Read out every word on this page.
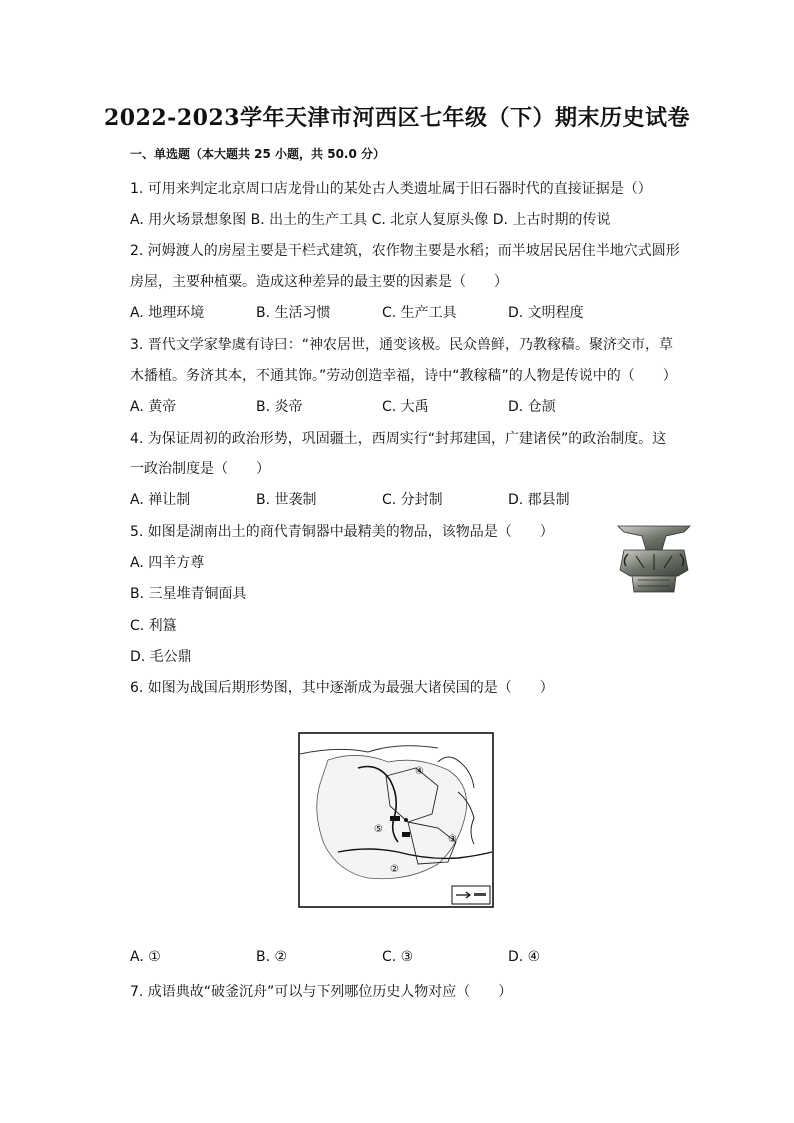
2022-2023学年天津市河西区七年级（下）期末历史试卷
一、单选题（本大题共 25 小题，共 50.0 分）
1. 可用来判定北京周口店龙骨山的某处古人类遗址属于旧石器时代的直接证据是（）
A. 用火场景想象图 B. 出土的生产工具 C. 北京人复原头像 D. 上古时期的传说
2. 河姆渡人的房屋主要是干栏式建筑，农作物主要是水稻；而半坡居民居住半地穴式圆形
房屋，主要种植粟。造成这种差异的最主要的因素是（　　）
A. 地理环境	B. 生活习惯	C. 生产工具	D. 文明程度
3. 晋代文学家挚虞有诗曰：“神农居世，通变该极。民众兽鲜，乃教稼穑。聚济交市，草
木播植。务济其本，不通其饰。”劳动创造幸福，诗中“教稼穑”的人物是传说中的（　　）
A. 黄帝	B. 炎帝	C. 大禹	D. 仓颉
4. 为保证周初的政治形势，巩固疆土，西周实行“封邦建国，广建诸侯”的政治制度。这
一政治制度是（　　）
A. 禅让制	B. 世袭制	C. 分封制	D. 郡县制
5. 如图是湖南出土的商代青铜器中最精美的物品，该物品是（　　）
A. 四羊方尊
B. 三星堆青铜面具
C. 利簋
D. 毛公鼎
6. 如图为战国后期形势图，其中逐渐成为最强大诸侯国的是（　　）
④
③
②
⑤
A. ①	B. ②	C. ③	D. ④
7. 成语典故“破釜沉舟”可以与下列哪位历史人物对应（　　）
